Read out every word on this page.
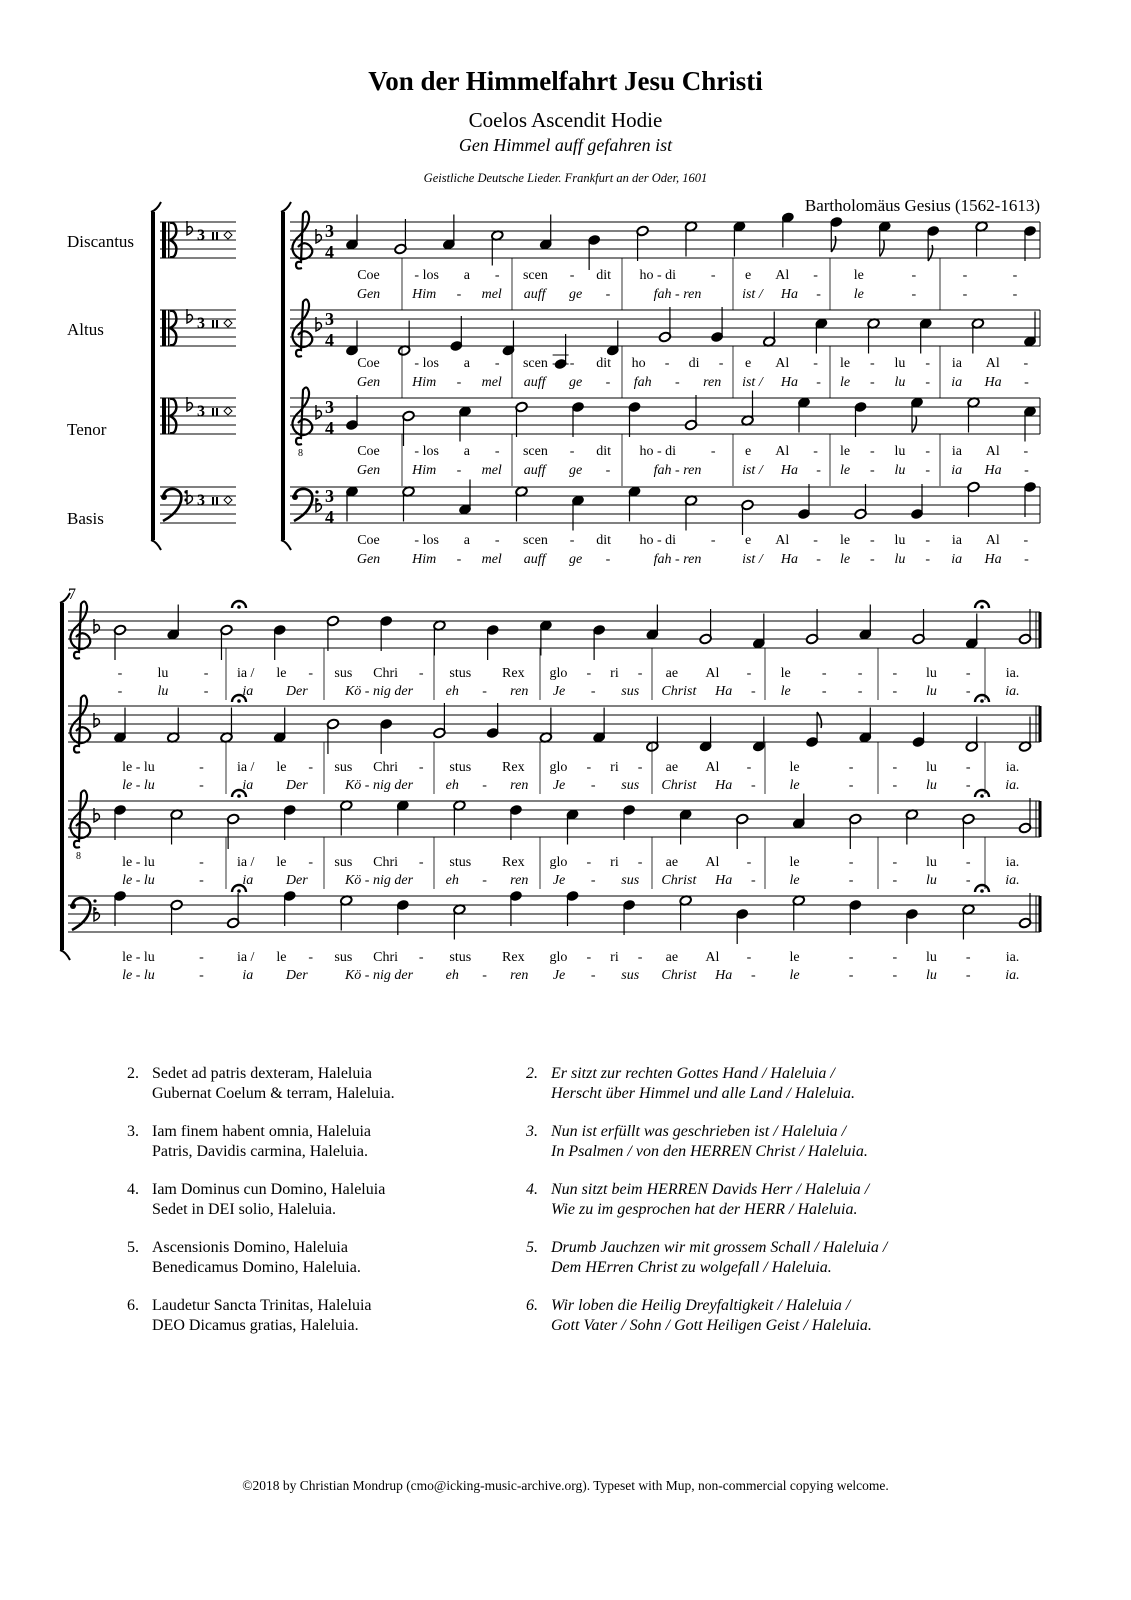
Von der Himmelfahrt Jesu Christi
Coelos Ascendit Hodie
Gen Himmel auff gefahren ist
Geistliche Deutsche Lieder. Frankfurt an der Oder, 1601
Bartholomäus Gesius (1562-1613)
Discantus
Altus
Tenor
Basis
7
3	3
4
3	3
4
3	3
4
8
3	3
4
8
Coe - los a - scen - dit ho - di - e Al -	le	-	-	-
Gen Him - mel auff ge -	fah - ren	ist / Ha - le	-	-	-
Coe - los a - scen - dit ho - di - e Al - le - lu - ia Al -
Gen Him - mel auff ge - fah - ren ist / Ha - le - lu - ia Ha -
Coe - los a - scen - dit ho - di - e Al - le - lu - ia Al -
Gen Him - mel auff ge -	fah - ren	ist / Ha - le - lu - ia Ha -
Coe - los a - scen - dit ho - di - e Al - le - lu - ia Al -
Gen Him - mel auff ge -	fah - ren	ist / Ha - le - lu - ia Ha -
-	lu	- ia / le - sus Chri - stus Rex glo - ri - ae Al - le - - - lu -	ia.
-	lu	- ia Der	Kö - nig der eh - ren Je - sus Christ Ha - le - - - lu - ia.
le - lu	- ia / le - sus Chri - stus Rex glo - ri - ae Al -	le	-	- lu -	ia.
le - lu	-	ia Der	Kö - nig der eh - ren Je - sus Christ Ha - le	-	- lu - ia.
le - lu	- ia / le - sus Chri - stus Rex glo - ri - ae Al -	le	-	- lu -	ia.
le - lu	-	ia Der	Kö - nig der eh - ren Je - sus Christ Ha - le	-	- lu - ia.
le - lu	- ia / le - sus Chri - stus Rex glo - ri - ae Al -	le	-	- lu -	ia.
le - lu	-	ia Der	Kö - nig der eh - ren Je - sus Christ Ha - le	-	- lu - ia.
2. Sedet ad patris dexteram, Haleluia
Gubernat Coelum & terram, Haleluia.
3. Iam finem habent omnia, Haleluia
Patris, Davidis carmina, Haleluia.
4. Iam Dominus cun Domino, Haleluia
Sedet in DEI solio, Haleluia.
5. Ascensionis Domino, Haleluia
Benedicamus Domino, Haleluia.
6. Laudetur Sancta Trinitas, Haleluia
DEO Dicamus gratias, Haleluia.
2. Er sitzt zur rechten Gottes Hand / Haleluia /
Herscht über Himmel und alle Land / Haleluia.
3. Nun ist erfüllt was geschrieben ist / Haleluia /
In Psalmen / von den HERREN Christ / Haleluia.
4. Nun sitzt beim HERREN Davids Herr / Haleluia /
Wie zu im gesprochen hat der HERR / Haleluia.
5. Drumb Jauchzen wir mit grossem Schall / Haleluia /
Dem HErren Christ zu wolgefall / Haleluia.
6. Wir loben die Heilig Dreyfaltigkeit / Haleluia /
Gott Vater / Sohn / Gott Heiligen Geist / Haleluia.
©2018 by Christian Mondrup (cmo@icking-music-archive.org). Typeset with Mup, non-commercial copying welcome.
